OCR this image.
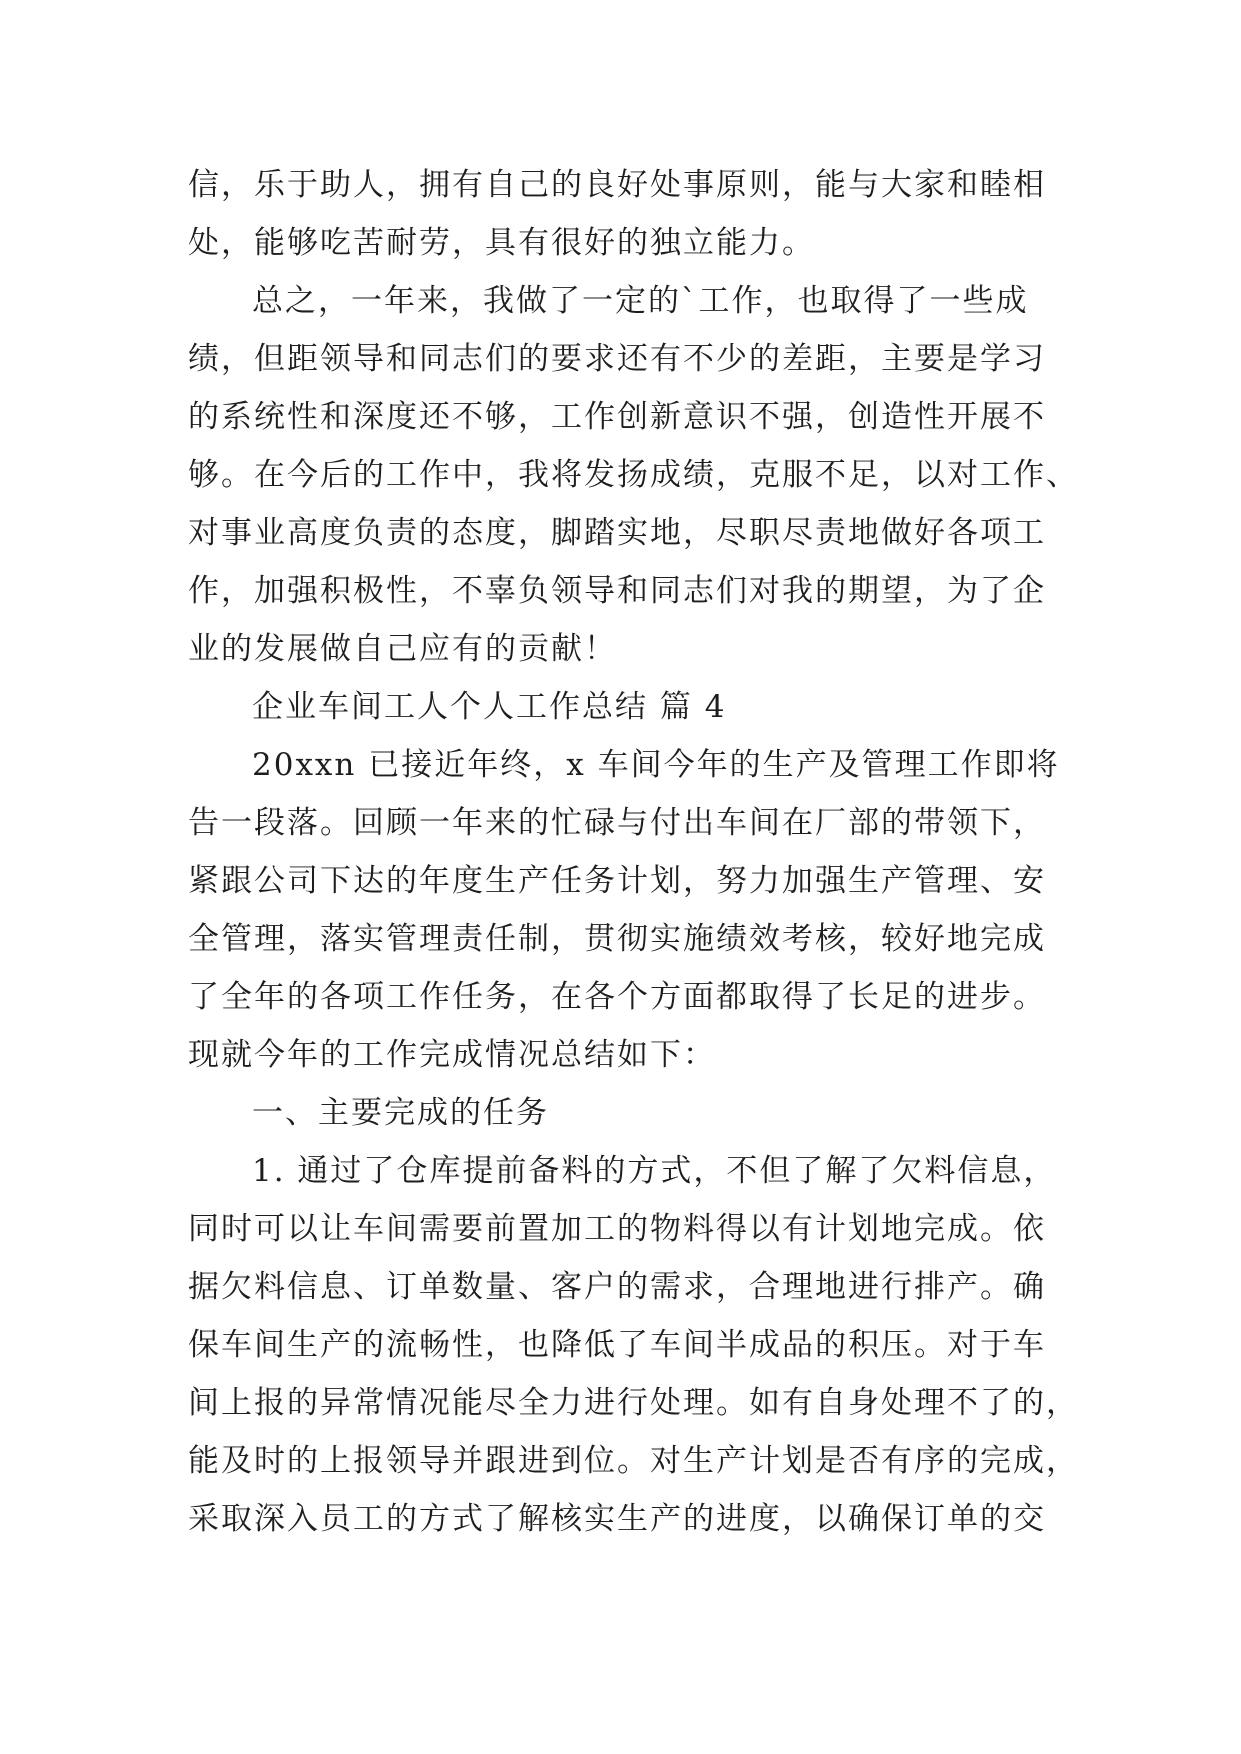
信，乐于助人，拥有自己的良好处事原则，能与大家和睦相
处，能够吃苦耐劳，具有很好的独立能力。
总之，一年来，我做了一定的`工作，也取得了一些成
绩，但距领导和同志们的要求还有不少的差距，主要是学习
的系统性和深度还不够，工作创新意识不强，创造性开展不
够。在今后的工作中，我将发扬成绩，克服不足，以对工作、
对事业高度负责的态度，脚踏实地，尽职尽责地做好各项工
作，加强积极性，不辜负领导和同志们对我的期望，为了企
业的发展做自己应有的贡献！
企业车间工人个人工作总结 篇 4
20xxn 已接近年终，x 车间今年的生产及管理工作即将
告一段落。回顾一年来的忙碌与付出车间在厂部的带领下，
紧跟公司下达的年度生产任务计划，努力加强生产管理、安
全管理，落实管理责任制，贯彻实施绩效考核，较好地完成
了全年的各项工作任务，在各个方面都取得了长足的进步。
现就今年的工作完成情况总结如下：
一、主要完成的任务
1. 通过了仓库提前备料的方式，不但了解了欠料信息，
同时可以让车间需要前置加工的物料得以有计划地完成。依
据欠料信息、订单数量、客户的需求，合理地进行排产。确
保车间生产的流畅性，也降低了车间半成品的积压。对于车
间上报的异常情况能尽全力进行处理。如有自身处理不了的，
能及时的上报领导并跟进到位。对生产计划是否有序的完成，
采取深入员工的方式了解核实生产的进度，以确保订单的交
